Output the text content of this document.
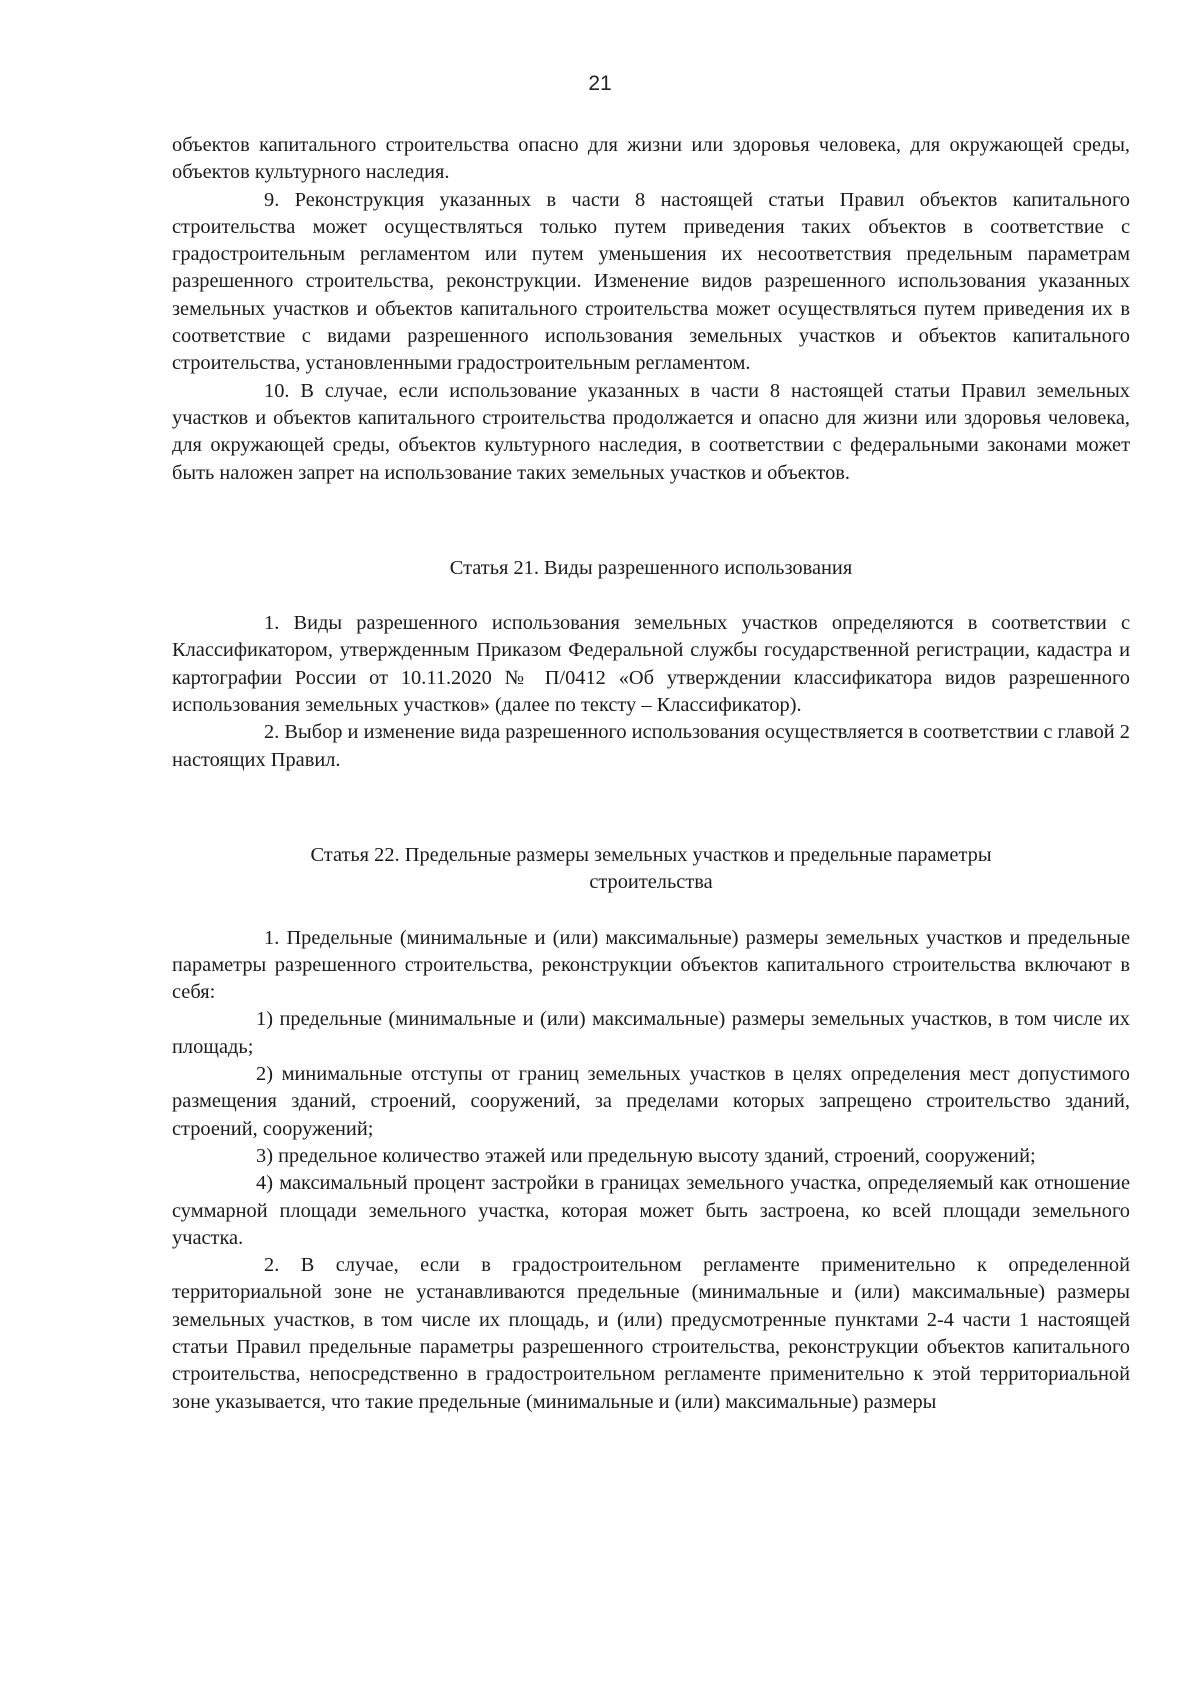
21

объектов капитального строительства опасно для жизни или здоровья человека, для окружающей среды, объектов культурного наследия.

9. Реконструкция указанных в части 8 настоящей статьи Правил объектов капитального строительства может осуществляться только путем приведения таких объектов в соответствие с градостроительным регламентом или путем уменьшения их несоответствия предельным параметрам разрешенного строительства, реконструкции. Изменение видов разрешенного использования указанных земельных участков и объектов капитального строительства может осуществляться путем приведения их в соответствие с видами разрешенного использования земельных участков и объектов капитального строительства, установленными градостроительным регламентом.

10. В случае, если использование указанных в части 8 настоящей статьи Правил земельных участков и объектов капитального строительства продолжается и опасно для жизни или здоровья человека, для окружающей среды, объектов культурного наследия, в соответствии с федеральными законами может быть наложен запрет на использование таких земельных участков и объектов.

Статья 21. Виды разрешенного использования

1. Виды разрешенного использования земельных участков определяются в соответствии с Классификатором, утвержденным Приказом Федеральной службы государственной регистрации, кадастра и картографии России от 10.11.2020 № П/0412 «Об утверждении классификатора видов разрешенного использования земельных участков» (далее по тексту – Классификатор).

2. Выбор и изменение вида разрешенного использования осуществляется в соответствии с главой 2 настоящих Правил.

Статья 22. Предельные размеры земельных участков и предельные параметры

строительства

1. Предельные (минимальные и (или) максимальные) размеры земельных участков и предельные параметры разрешенного строительства, реконструкции объектов капитального строительства включают в себя:

1) предельные (минимальные и (или) максимальные) размеры земельных участков, в том числе их площадь;

2) минимальные отступы от границ земельных участков в целях определения мест допустимого размещения зданий, строений, сооружений, за пределами которых запрещено строительство зданий, строений, сооружений;

3) предельное количество этажей или предельную высоту зданий, строений, сооружений;

4) максимальный процент застройки в границах земельного участка, определяемый как отношение суммарной площади земельного участка, которая может быть застроена, ко всей площади земельного участка.

2. В случае, если в градостроительном регламенте применительно к определенной территориальной зоне не устанавливаются предельные (минимальные и (или) максимальные) размеры земельных участков, в том числе их площадь, и (или) предусмотренные пунктами 2-4 части 1 настоящей статьи Правил предельные параметры разрешенного строительства, реконструкции объектов капитального строительства, непосредственно в градостроительном регламенте применительно к этой территориальной зоне указывается, что такие предельные (минимальные и (или) максимальные) размеры
